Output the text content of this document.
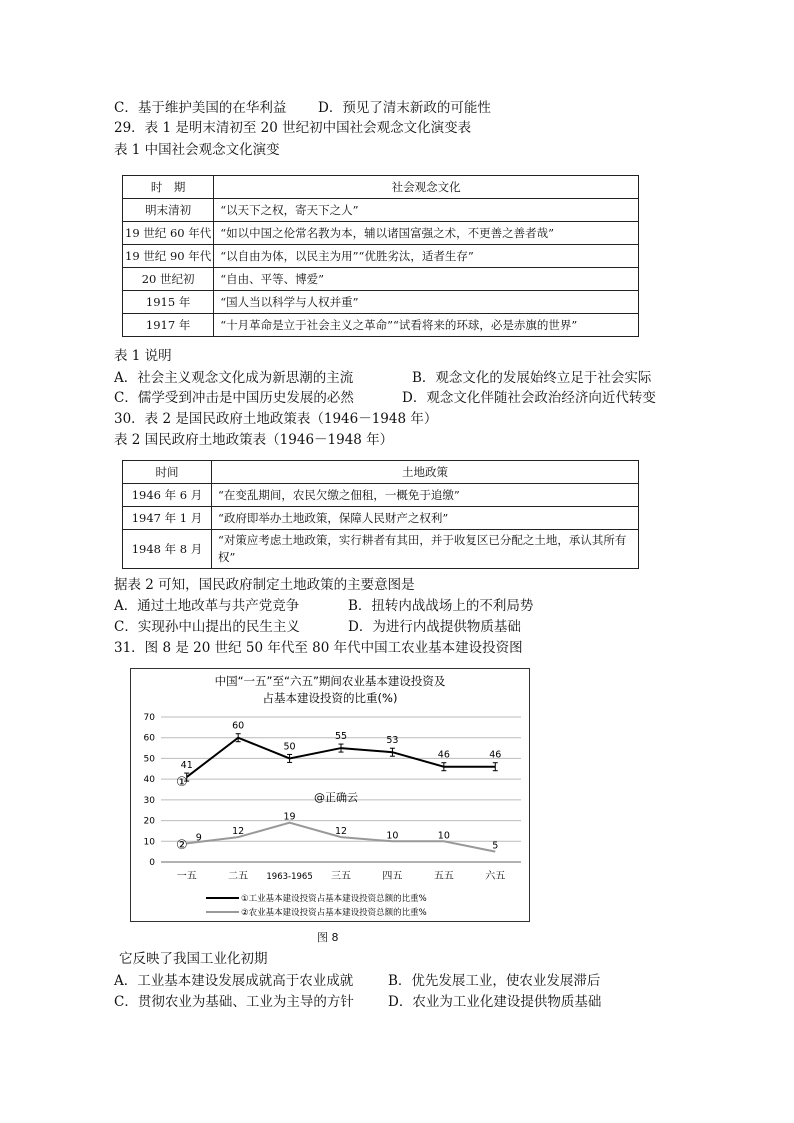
C．基于维护美国的在华利益 D．预见了清末新政的可能性
29．表 1 是明末清初至 20 世纪初中国社会观念文化演变表
表 1 中国社会观念文化演变
时　期	社会观念文化
明末清初	“以天下之权，寄天下之人”
19 世纪 60 年代	“如以中国之伦常名教为本，辅以诸国富强之术，不更善之善者哉”
19 世纪 90 年代	“以自由为体，以民主为用”“优胜劣汰，适者生存”
20 世纪初	“自由、平等、博爱”
1915 年	“国人当以科学与人权并重”
1917 年	“十月革命是立于社会主义之革命”“试看将来的环球，必是赤旗的世界”
表 1 说明
A．社会主义观念文化成为新思潮的主流	B．观念文化的发展始终立足于社会实际
C．儒学受到冲击是中国历史发展的必然	D．观念文化伴随社会政治经济向近代转变
30．表 2 是国民政府土地政策表（1946－1948 年）
表 2 国民政府土地政策表（1946－1948 年）
时间	土地政策
1946 年 6 月	“在变乱期间，农民欠缴之佃租，一概免于追缴”
1947 年 1 月	“政府即举办土地政策，保障人民财产之权利”
1948 年 8 月	“对策应考虑土地政策，实行耕者有其田，并于收复区已分配之土地，承认其所有权”
据表 2 可知，国民政府制定土地政策的主要意图是
A．通过土地改革与共产党竞争	B．扭转内战战场上的不利局势
C．实现孙中山提出的民生主义	D．为进行内战提供物质基础
31．图 8 是 20 世纪 50 年代至 80 年代中国工农业基本建设投资图
中国“一五”至“六五”期间农业基本建设投资及
占基本建设投资的比重(%)
0
10
20
30
40
50
60
70
一五	二五 1963-1965 三五	四五	五五	六五
41
60
50
55	53
46	46
9
12
19
12	10	10
5
@正确云
①
②
①工业基本建设投资占基本建设投资总额的比重%
②农业基本建设投资占基本建设投资总额的比重%
图 8
它反映了我国工业化初期
A．工业基本建设发展成就高于农业成就	B．优先发展工业，使农业发展滞后
C．贯彻农业为基础、工业为主导的方针	D．农业为工业化建设提供物质基础
